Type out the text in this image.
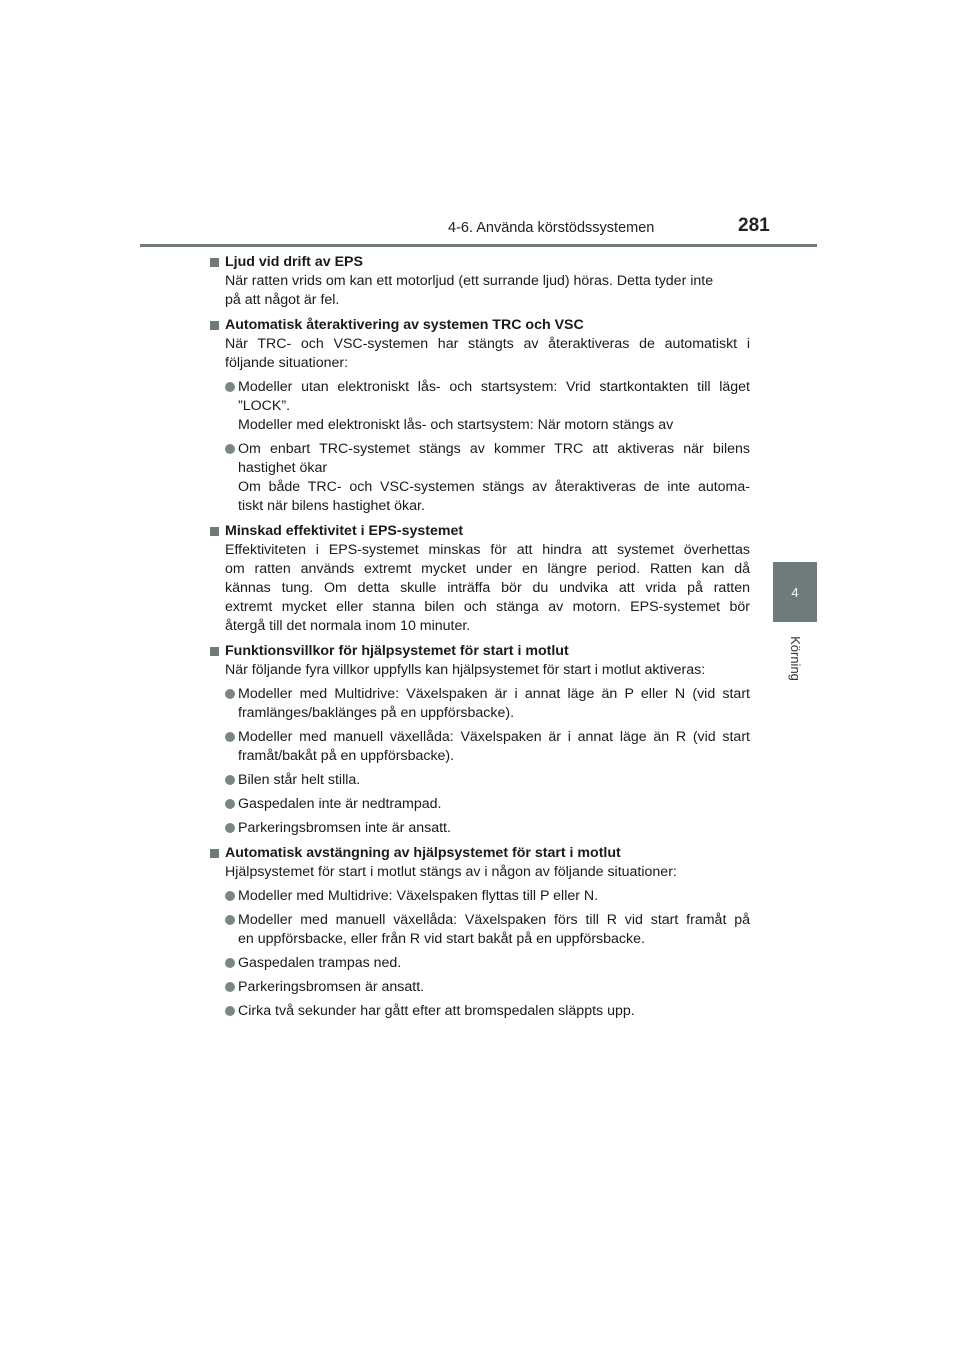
4-6. Använda körstödssystemen	281
4
Körning
Ljud vid drift av EPS
När ratten vrids om kan ett motorljud (ett surrande ljud) höras. Detta tyder inte
på att något är fel.
Automatisk återaktivering av systemen TRC och VSC
När TRC- och VSC-systemen har stängts av återaktiveras de automatiskt i
följande situationer:
Modeller utan elektroniskt lås- och startsystem: Vrid startkontakten till läget
”LOCK”.
Modeller med elektroniskt lås- och startsystem: När motorn stängs av
Om enbart TRC-systemet stängs av kommer TRC att aktiveras när bilens
hastighet ökar
Om både TRC- och VSC-systemen stängs av återaktiveras de inte automa-
tiskt när bilens hastighet ökar.
Minskad effektivitet i EPS-systemet
Effektiviteten i EPS-systemet minskas för att hindra att systemet överhettas
om ratten används extremt mycket under en längre period. Ratten kan då
kännas tung. Om detta skulle inträffa bör du undvika att vrida på ratten
extremt mycket eller stanna bilen och stänga av motorn. EPS-systemet bör
återgå till det normala inom 10 minuter.
Funktionsvillkor för hjälpsystemet för start i motlut
När följande fyra villkor uppfylls kan hjälpsystemet för start i motlut aktiveras:
Modeller med Multidrive: Växelspaken är i annat läge än P eller N (vid start
framlänges/baklänges på en uppförsbacke).
Modeller med manuell växellåda: Växelspaken är i annat läge än R (vid start
framåt/bakåt på en uppförsbacke).
Bilen står helt stilla.
Gaspedalen inte är nedtrampad.
Parkeringsbromsen inte är ansatt.
Automatisk avstängning av hjälpsystemet för start i motlut
Hjälpsystemet för start i motlut stängs av i någon av följande situationer:
Modeller med Multidrive: Växelspaken flyttas till P eller N.
Modeller med manuell växellåda: Växelspaken förs till R vid start framåt på
en uppförsbacke, eller från R vid start bakåt på en uppförsbacke.
Gaspedalen trampas ned.
Parkeringsbromsen är ansatt.
Cirka två sekunder har gått efter att bromspedalen släppts upp.
